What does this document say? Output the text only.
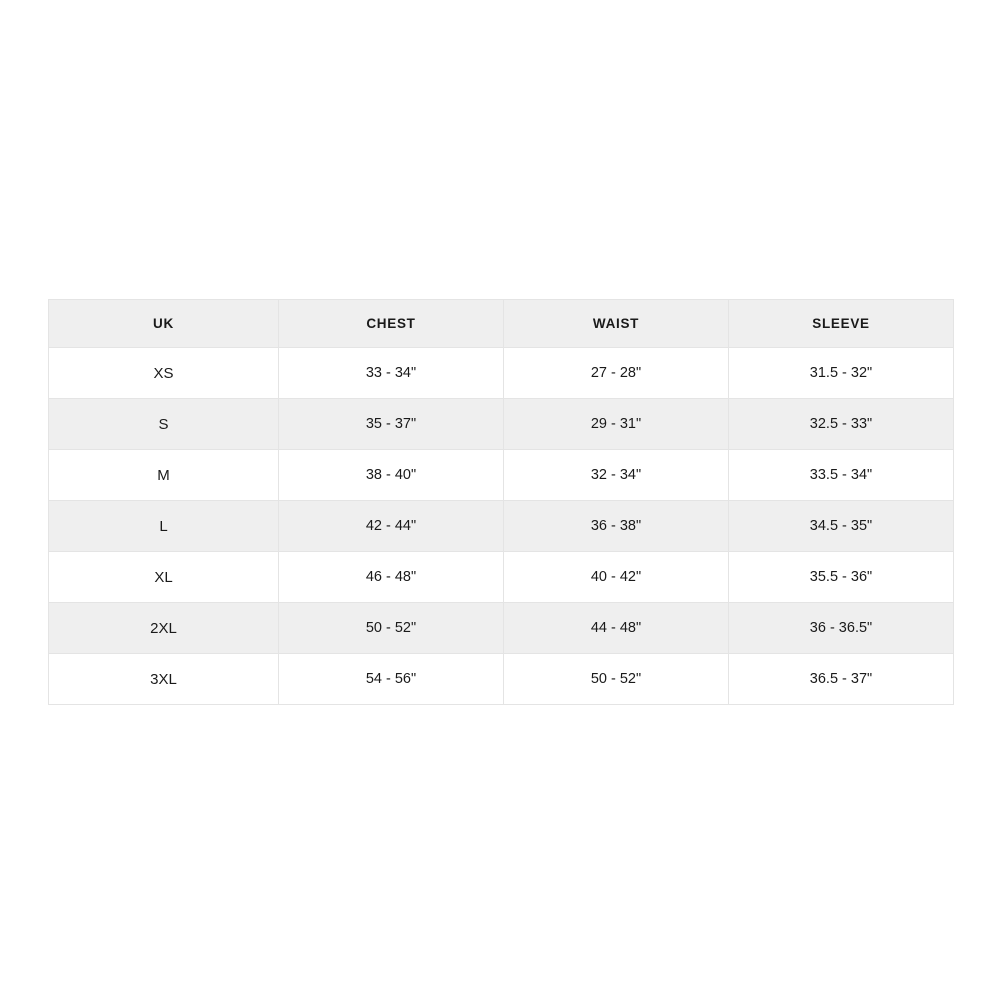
UK	CHEST	WAIST	SLEEVE
XS	33 - 34"	27 - 28"	31.5 - 32"
S	35 - 37"	29 - 31"	32.5 - 33"
M	38 - 40"	32 - 34"	33.5 - 34"
L	42 - 44"	36 - 38"	34.5 - 35"
XL	46 - 48"	40 - 42"	35.5 - 36"
2XL	50 - 52"	44 - 48"	36 - 36.5"
3XL	54 - 56"	50 - 52"	36.5 - 37"
